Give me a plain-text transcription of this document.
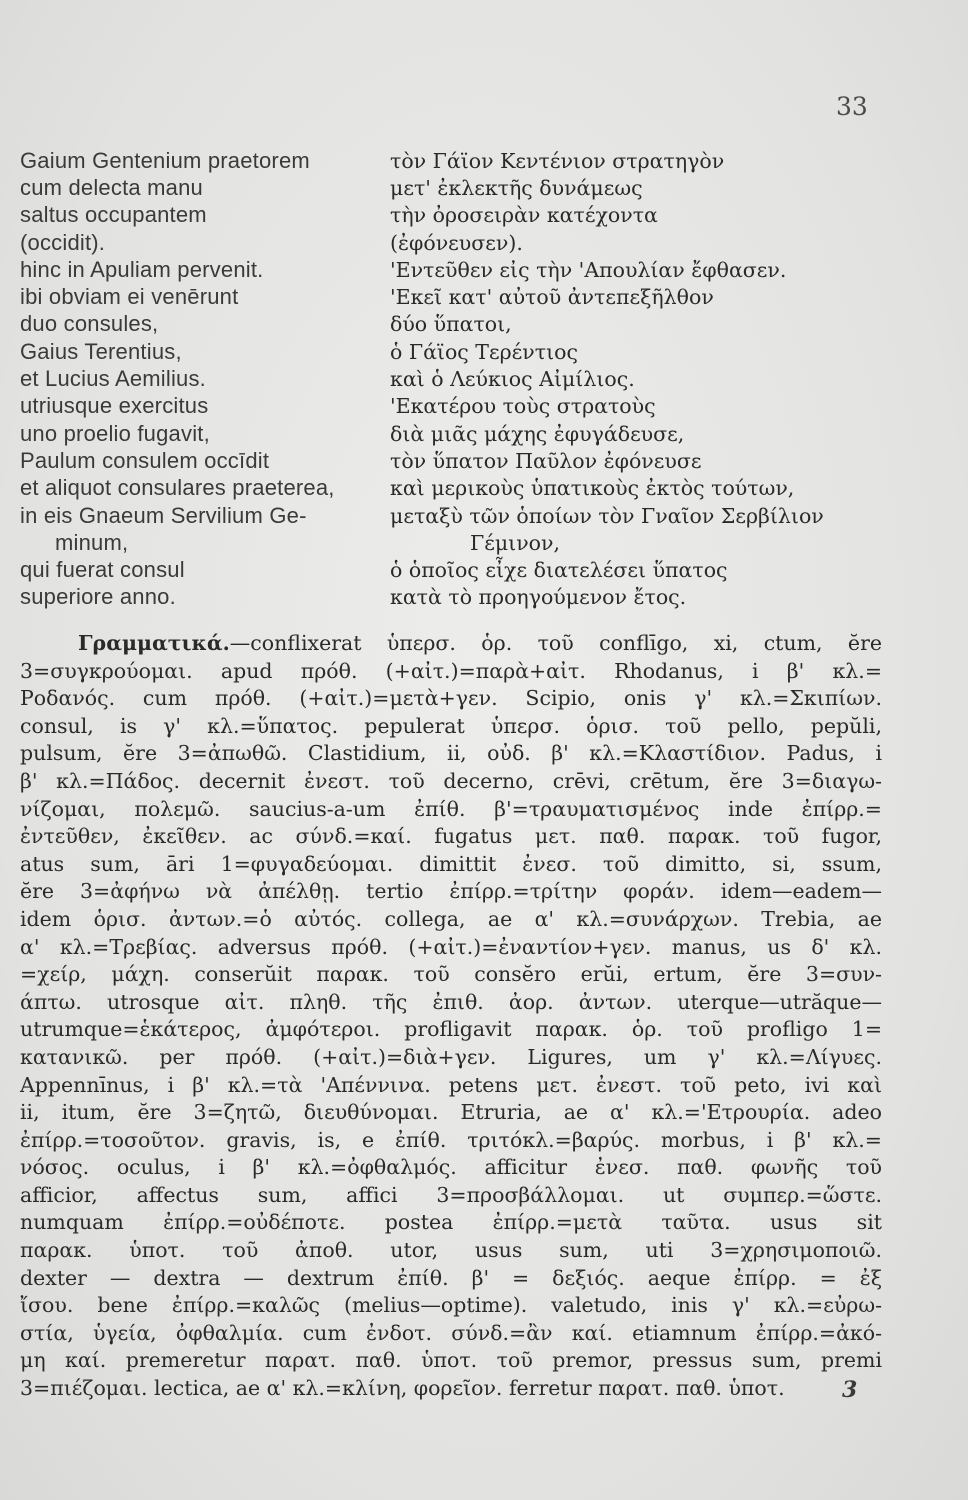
33
Gaium Gentenium praetorem	τὸν Γάϊον Κεντένιον στρατηγὸν
cum delecta manu	μετ' ἐκλεκτῆς δυνάμεως
saltus occupantem	τὴν ὀροσειρὰν κατέχοντα
(occidit).	(ἐφόνευσεν).
hinc in Apuliam pervenit.	'Εντεῦθεν εἰς τὴν 'Απουλίαν ἔφθασεν.
ibi obviam ei venērunt	'Εκεῖ κατ' αὐτοῦ ἀντεπεξῆλθον
duo consules,	δύο ὕπατοι,
Gaius Terentius,	ὁ Γάϊος Τερέντιος
et Lucius Aemilius.	καὶ ὁ Λεύκιος Αἰμίλιος.
utriusque exercitus	'Εκατέρου τοὺς στρατοὺς
uno proelio fugavit,	διὰ μιᾶς μάχης ἐφυγάδευσε,
Paulum consulem occīdit	τὸν ὕπατον Παῦλον ἐφόνευσε
et aliquot consulares praeterea,	καὶ μερικοὺς ὑπατικοὺς ἐκτὸς τούτων,
in eis Gnaeum Servilium Ge-	μεταξὺ τῶν ὁποίων τὸν Γναῖον Σερβίλιον
minum,	Γέμινον,
qui fuerat consul	ὁ ὁποῖος εἶχε διατελέσει ὕπατος
superiore anno.	κατὰ τὸ προηγούμενον ἔτος.
Γραμματικά.—conflixerat ὑπερσ. ὁρ. τοῦ conflīgo, xi, ctum, ĕre
3=συγκρούομαι. apud πρόθ. (+αἰτ.)=παρὰ+αἰτ. Rhodanus, i β' κλ.=
Ροδανός. cum πρόθ. (+αἰτ.)=μετὰ+γεν. Scipio, onis γ' κλ.=Σκιπίων.
consul, is γ' κλ.=ὕπατος. pepulerat ὑπερσ. ὁρισ. τοῦ pello, pepŭli,
pulsum, ĕre 3=ἀπωθῶ. Clastidium, ii, οὐδ. β' κλ.=Κλαστίδιον. Padus, i
β' κλ.=Πάδος. decernit ἐνεστ. τοῦ decerno, crēvi, crētum, ĕre 3=διαγω-
νίζομαι, πολεμῶ. saucius-a-um ἐπίθ. β'=τραυματισμένος inde ἐπίρρ.=
ἐντεῦθεν, ἐκεῖθεν. ac σύνδ.=καί. fugatus μετ. παθ. παρακ. τοῦ fugor,
atus sum, āri 1=φυγαδεύομαι. dimittit ἐνεσ. τοῦ dimitto, si, ssum,
ĕre 3=ἀφήνω νὰ ἀπέλθῃ. tertio ἐπίρρ.=τρίτην φοράν. idem—eadem—
idem ὁρισ. ἀντων.=ὁ αὐτός. collega, ae α' κλ.=συνάρχων. Trebia, ae
α' κλ.=Τρεβίας. adversus πρόθ. (+αἰτ.)=ἐναντίον+γεν. manus, us δ' κλ.
=χείρ, μάχη. conserŭit παρακ. τοῦ consĕro erŭi, ertum, ĕre 3=συν-
άπτω. utrosque αἰτ. πληθ. τῆς ἐπιθ. ἀορ. ἀντων. uterque—utrăque—
utrumque=ἑκάτερος, ἀμφότεροι. profligavit παρακ. ὁρ. τοῦ profligo 1=
κατανικῶ. per πρόθ. (+αἰτ.)=διὰ+γεν. Ligures, um γ' κλ.=Λίγυες.
Appennīnus, i β' κλ.=τὰ 'Απέννινα. petens μετ. ἐνεστ. τοῦ peto, ivi καὶ
ii, itum, ĕre 3=ζητῶ, διευθύνομαι. Etruria, ae α' κλ.='Ετρουρία. adeo
ἐπίρρ.=τοσοῦτον. gravis, is, e ἐπίθ. τριτόκλ.=βαρύς. morbus, i β' κλ.=
νόσος. oculus, i β' κλ.=ὀφθαλμός. afficitur ἐνεσ. παθ. φωνῆς τοῦ
afficior, affectus sum, affici 3=προσβάλλομαι. ut συμπερ.=ὥστε.
numquam ἐπίρρ.=οὐδέποτε. postea ἐπίρρ.=μετὰ ταῦτα. usus sit
παρακ. ὑποτ. τοῦ ἀποθ. utor, usus sum, uti 3=χρησιμοποιῶ.
dexter — dextra — dextrum ἐπίθ. β' = δεξιός. aeque ἐπίρρ. = ἐξ
ἴσου. bene ἐπίρρ.=καλῶς (melius—optime). valetudo, inis γ' κλ.=εὐρω-
στία, ὑγεία, ὀφθαλμία. cum ἐνδοτ. σύνδ.=ἂν καί. etiamnum ἐπίρρ.=ἀκό-
μη καί. premeretur παρατ. παθ. ὑποτ. τοῦ premor, pressus sum, premi
3=πιέζομαι. lectica, ae α' κλ.=κλίνη, φορεῖον. ferretur παρατ. παθ. ὑποτ.	3
